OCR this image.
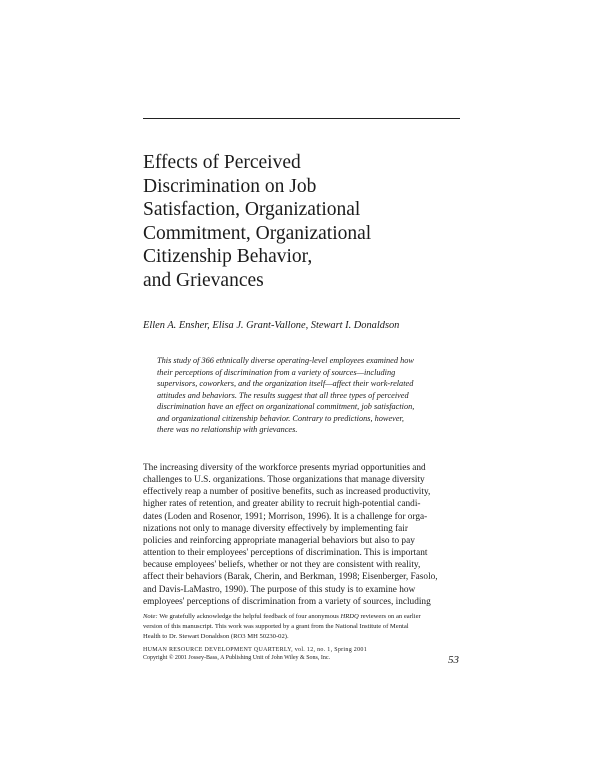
Effects of Perceived
Discrimination on Job
Satisfaction, Organizational
Commitment, Organizational
Citizenship Behavior,
and Grievances

Ellen A. Ensher, Elisa J. Grant-Vallone, Stewart I. Donaldson

This study of 366 ethnically diverse operating-level employees examined how
their perceptions of discrimination from a variety of sources—including
supervisors, coworkers, and the organization itself—affect their work-related
attitudes and behaviors. The results suggest that all three types of perceived
discrimination have an effect on organizational commitment, job satisfaction,
and organizational citizenship behavior. Contrary to predictions, however,
there was no relationship with grievances.
The increasing diversity of the workforce presents myriad opportunities and
challenges to U.S. organizations. Those organizations that manage diversity
effectively reap a number of positive benefits, such as increased productivity,
higher rates of retention, and greater ability to recruit high-potential candi-
dates (Loden and Rosenor, 1991; Morrison, 1996). It is a challenge for orga-
nizations not only to manage diversity effectively by implementing fair
policies and reinforcing appropriate managerial behaviors but also to pay
attention to their employees' perceptions of discrimination. This is important
because employees' beliefs, whether or not they are consistent with reality,
affect their behaviors (Barak, Cherin, and Berkman, 1998; Eisenberger, Fasolo,
and Davis-LaMastro, 1990). The purpose of this study is to examine how
employees' perceptions of discrimination from a variety of sources, including
Note: We gratefully acknowledge the helpful feedback of four anonymous HRDQ reviewers on an earlier
version of this manuscript. This work was supported by a grant from the National Institute of Mental
Health to Dr. Stewart Donaldson (RO3 MH 50230-02).
HUMAN RESOURCE DEVELOPMENT QUARTERLY, vol. 12, no. 1, Spring 2001
Copyright © 2001 Jossey-Bass, A Publishing Unit of John Wiley & Sons, Inc.	53
